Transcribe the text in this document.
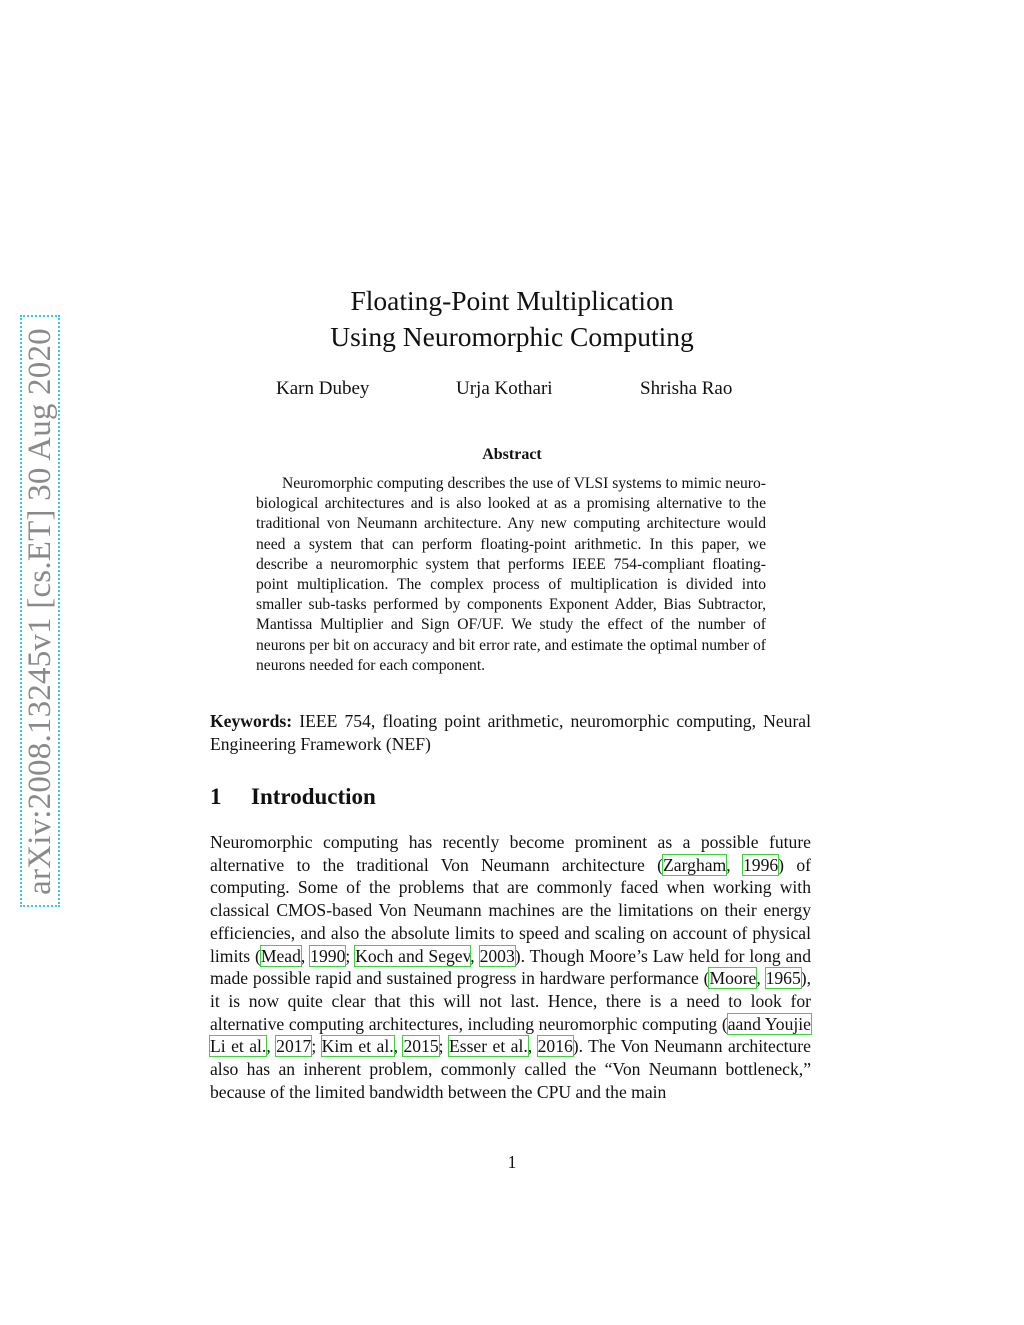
arXiv:2008.13245v1 [cs.ET] 30 Aug 2020
Floating-Point Multiplication
Using Neuromorphic Computing
Karn Dubey	Urja Kothari	Shrisha Rao
Abstract
Neuromorphic computing describes the use of VLSI systems to mimic neuro-biological architectures and is also looked at as a promising alternative to the traditional von Neumann architecture. Any new computing architecture would need a system that can perform floating-point arithmetic. In this paper, we describe a neuromorphic system that performs IEEE 754-compliant floating-point multiplication. The complex process of multiplication is divided into smaller sub-tasks performed by components Exponent Adder, Bias Subtractor, Mantissa Multiplier and Sign OF/UF. We study the effect of the number of neurons per bit on accuracy and bit error rate, and estimate the optimal number of neurons needed for each component.
Keywords: IEEE 754, floating point arithmetic, neuromorphic computing, Neural Engineering Framework (NEF)
1 Introduction
Neuromorphic computing has recently become prominent as a possible future alternative to the traditional Von Neumann architecture (Zargham, 1996) of computing. Some of the problems that are commonly faced when working with classical CMOS-based Von Neumann machines are the limitations on their energy efficiencies, and also the absolute limits to speed and scaling on account of physical limits (Mead, 1990; Koch and Segev, 2003). Though Moore’s Law held for long and made possible rapid and sustained progress in hardware performance (Moore, 1965), it is now quite clear that this will not last. Hence, there is a need to look for alternative computing architectures, including neuromorphic computing (aand Youjie Li et al., 2017; Kim et al., 2015; Esser et al., 2016). The Von Neumann architecture also has an inherent problem, commonly called the “Von Neumann bottleneck,” because of the limited bandwidth between the CPU and the main
1
